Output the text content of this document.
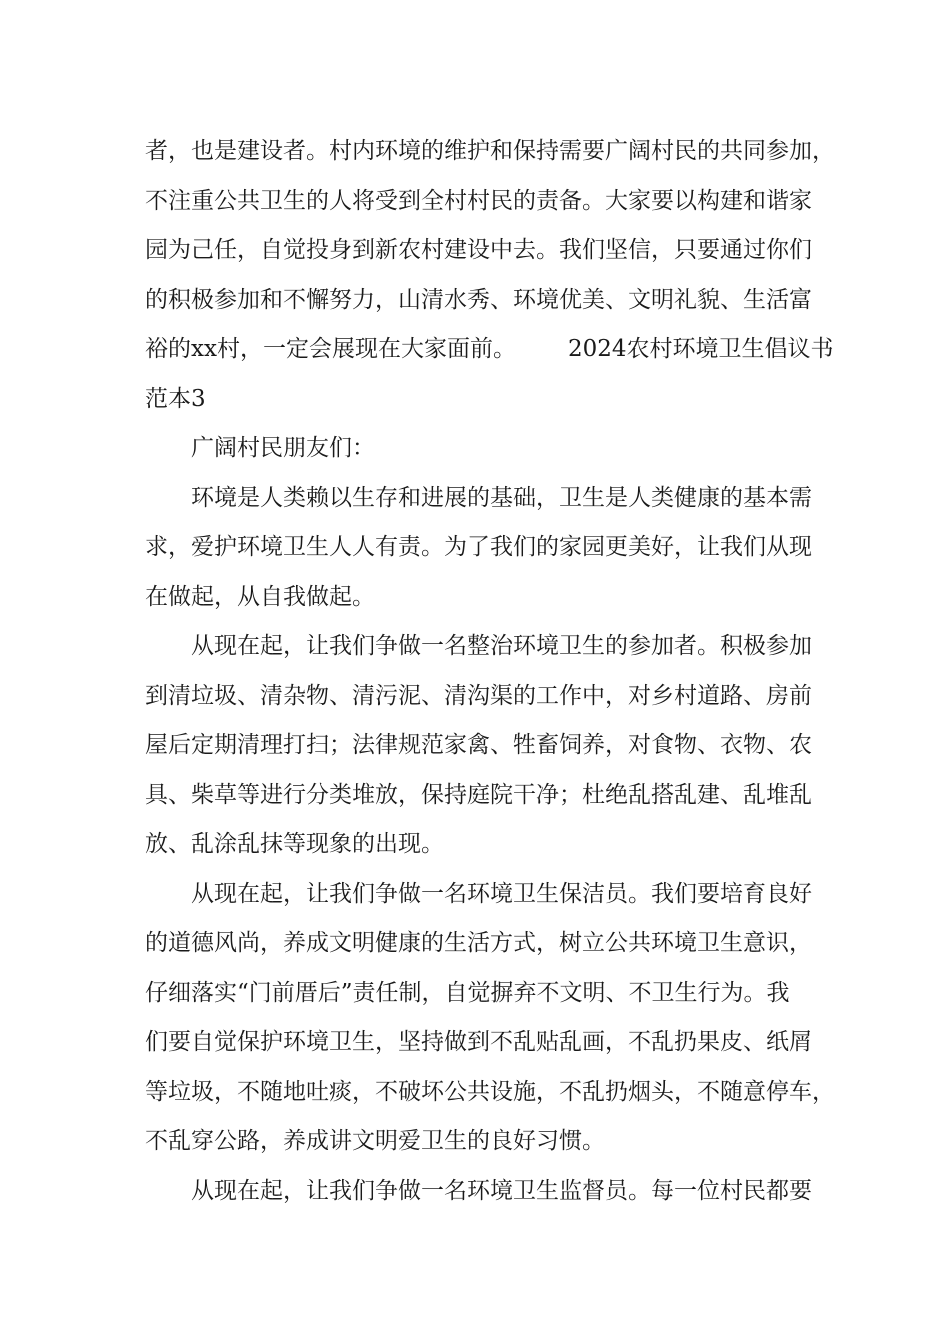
者，也是建设者。村内环境的维护和保持需要广阔村民的共同参加，
不注重公共卫生的人将受到全村村民的责备。大家要以构建和谐家
园为己任，自觉投身到新农村建设中去。我们坚信，只要通过你们
的积极参加和不懈努力，山清水秀、环境优美、文明礼貌、生活富
裕的xx村，一定会展现在大家面前。 2024农村环境卫生倡议书
范本3
广阔村民朋友们：
环境是人类赖以生存和进展的基础，卫生是人类健康的基本需
求，爱护环境卫生人人有责。为了我们的家园更美好，让我们从现
在做起，从自我做起。
从现在起，让我们争做一名整治环境卫生的参加者。积极参加
到清垃圾、清杂物、清污泥、清沟渠的工作中，对乡村道路、房前
屋后定期清理打扫；法律规范家禽、牲畜饲养，对食物、衣物、农
具、柴草等进行分类堆放，保持庭院干净；杜绝乱搭乱建、乱堆乱
放、乱涂乱抹等现象的出现。
从现在起，让我们争做一名环境卫生保洁员。我们要培育良好
的道德风尚，养成文明健康的生活方式，树立公共环境卫生意识，
仔细落实“门前厝后”责任制，自觉摒弃不文明、不卫生行为。我
们要自觉保护环境卫生，坚持做到不乱贴乱画，不乱扔果皮、纸屑
等垃圾，不随地吐痰，不破坏公共设施，不乱扔烟头，不随意停车，
不乱穿公路，养成讲文明爱卫生的良好习惯。
从现在起，让我们争做一名环境卫生监督员。每一位村民都要
